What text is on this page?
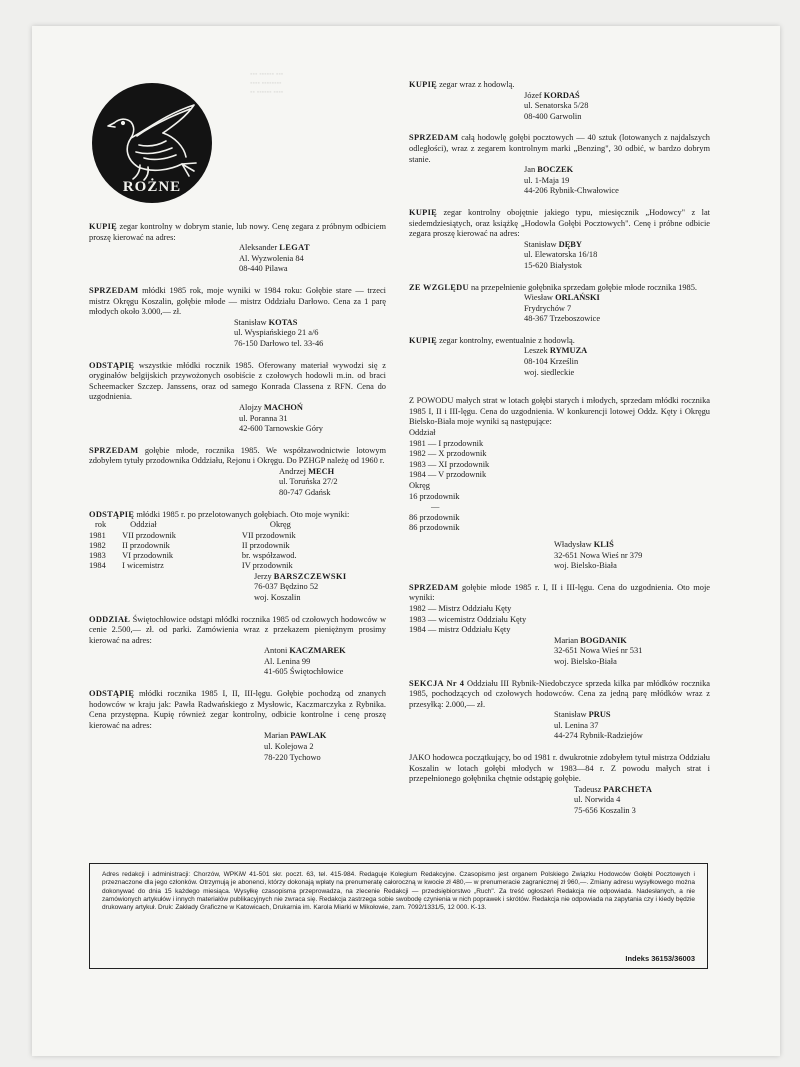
▪▪▪ ▪▪▪▪▪▪ ▪▪▪
▪▪▪▪ ▪▪▪▪▪▪▪▪
▪▪ ▪▪▪▪▪▪ ▪▪▪▪
ROŻNE

KUPIĘ zegar kontrolny w dobrym stanie, lub nowy. Cenę zegara z próbnym odbiciem proszę kierować na adres:

Aleksander LEGAT
Al. Wyzwolenia 84
08-440 Pilawa

SPRZEDAM młódki 1985 rok, moje wyniki w 1984 roku: Gołębie stare — trzeci mistrz Okręgu Koszalin, gołębie młode — mistrz Oddziału Darłowo. Cena za 1 parę młodych około 3.000,— zł.

Stanisław KOTAS
ul. Wyspiańskiego 21 a/6
76-150 Darłowo tel. 33-46

ODSTĄPIĘ wszystkie młódki rocznik 1985. Oferowany materiał wywodzi się z oryginałów belgijskich przywożonych osobiście z czołowych hodowli m.in. od braci Scheemacker Szczep. Janssens, oraz od samego Konrada Classena z RFN. Cena do uzgodnienia.

Alojzy MACHOŃ
ul. Poranna 31
42-600 Tarnowskie Góry

SPRZEDAM gołębie młode, rocznika 1985. We współzawodnictwie lotowym zdobyłem tytuły przodownika Oddziału, Rejonu i Okręgu. Do PZHGP należę od 1960 r.

Andrzej MECH
ul. Toruńska 27/2
80-747 Gdańsk

ODSTĄPIĘ młódki 1985 r. po przelotowanych gołębiach. Oto moje wyniki:

rok	Oddział	Okręg
1981	VII przodownik	VII przodownik
1982	II przodownik	II przodownik
1983	VI przodownik	br. współzawod.
1984	I wicemistrz	IV przodownik
Jerzy BARSZCZEWSKI
76-037 Będzino 52
woj. Koszalin

ODDZIAŁ Świętochłowice odstąpi młódki rocznika 1985 od czołowych hodowców w cenie 2.500,— zł. od parki. Zamówienia wraz z przekazem pieniężnym prosimy kierować na adres:

Antoni KACZMAREK
Al. Lenina 99
41-605 Świętochłowice

ODSTĄPIĘ młódki rocznika 1985 I, II, III-lęgu. Gołębie pochodzą od znanych hodowców w kraju jak: Pawła Radwańskiego z Mysłowic, Kaczmarczyka z Rybnika. Cena przystępna. Kupię również zegar kontrolny, odbicie kontrolne i cenę proszę kierować na adres:

Marian PAWLAK
ul. Kolejowa 2
78-220 Tychowo

KUPIĘ zegar wraz z hodowlą.

Józef KORDAŚ
ul. Senatorska 5/28
08-400 Garwolin

SPRZEDAM całą hodowlę gołębi pocztowych — 40 sztuk (lotowanych z najdalszych odległości), wraz z zegarem kontrolnym marki „Benzing", 30 odbić, w bardzo dobrym stanie.

Jan BOCZEK
ul. 1-Maja 19
44-206 Rybnik-Chwałowice

KUPIĘ zegar kontrolny obojętnie jakiego typu, miesięcznik „Hodowcy" z lat siedemdziesiątych, oraz książkę „Hodowla Gołębi Pocztowych". Cenę i próbne odbicie zegara proszę kierować na adres:

Stanisław DĘBY
ul. Elewatorska 16/18
15-620 Białystok

ZE WZGLĘDU na przepełnienie gołębnika sprzedam gołębie młode rocznika 1985.

Wiesław ORLAŃSKI
Frydrychów 7
48-367 Trzeboszowice

KUPIĘ zegar kontrolny, ewentualnie z hodowlą.

Leszek RYMUZA
08-104 Krześlin
woj. siedleckie

Z POWODU małych strat w lotach gołębi starych i młodych, sprzedam młódki rocznika 1985 I, II i III-lęgu. Cena do uzgodnienia. W konkurencji lotowej Oddz. Kęty i Okręgu Bielsko-Biała moje wyniki są następujące:

Oddział
1981 — I przodownik
1982 — X przodownik
1983 — XI przodownik
1984 — V przodownik
Okręg
16 przodownik
—
86 przodownik
86 przodownik
Władysław KLIŚ
32-651 Nowa Wieś nr 379
woj. Bielsko-Biała

SPRZEDAM gołębie młode 1985 r. I, II i III-lęgu. Cena do uzgodnienia. Oto moje wyniki:

1982 — Mistrz Oddziału Kęty
1983 — wicemistrz Oddziału Kęty
1984 — mistrz Oddziału Kęty
Marian BOGDANIK
32-651 Nowa Wieś nr 531
woj. Bielsko-Biała

SEKCJA Nr 4 Oddziału III Rybnik-Niedobczyce sprzeda kilka par młódków rocznika 1985, pochodzących od czołowych hodowców. Cena za jedną parę młódków wraz z przesyłką: 2.000,— zł.

Stanisław PRUS
ul. Lenina 37
44-274 Rybnik-Radziejów

JAKO hodowca początkujący, bo od 1981 r. dwukrotnie zdobyłem tytuł mistrza Oddziału Koszalin w lotach gołębi młodych w 1983—84 r. Z powodu małych strat i przepełnionego gołębnika chętnie odstąpię gołębie.

Tadeusz PARCHETA
ul. Norwida 4
75-656 Koszalin 3
Adres redakcji i administracji: Chorzów, WPKiW 41-501 skr. poczt. 63, tel. 415-984. Redaguje Kolegium Redakcyjne. Czasopismo jest organem Polskiego Związku Hodowców Gołębi Pocztowych i przeznaczone dla jego członków. Otrzymują je abonenci, którzy dokonają wpłaty na prenumeratę całoroczną w kwocie zł 480,— w prenumeracie zagranicznej zł 960,—. Zmiany adresu wysyłkowego można dokonywać do dnia 15 każdego miesiąca. Wysyłkę czasopisma przeprowadza, na zlecenie Redakcji — przedsiębiorstwo „Ruch". Za treść ogłoszeń Redakcja nie odpowiada. Nadesłanych, a nie zamówionych artykułów i innych materiałów publikacyjnych nie zwraca się. Redakcja zastrzega sobie swobodę czynienia w nich poprawek i skrótów. Redakcja nie odpowiada na zapytania czy i kiedy będzie drukowany artykuł. Druk: Zakłady Graficzne w Katowicach, Drukarnia im. Karola Miarki w Mikołowie, zam. 7092/1331/5, 12 000. K-13.
Indeks 36153/36003
